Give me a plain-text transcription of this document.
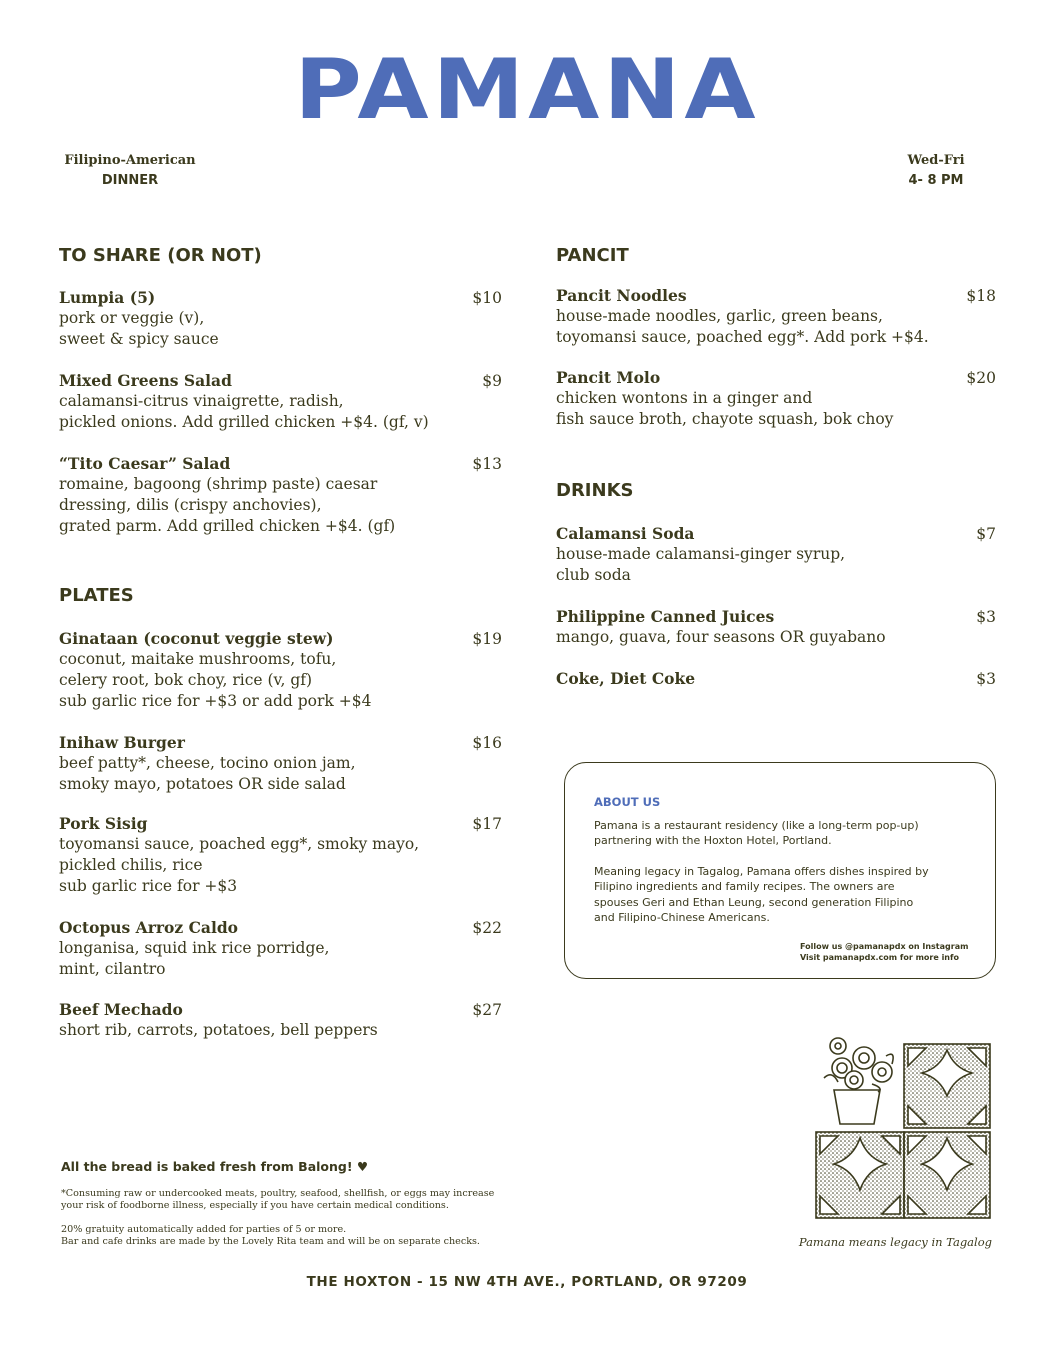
PAMANA
Filipino-American
DINNER
Wed-Fri
4- 8 PM
TO SHARE (OR NOT)
PLATES
PANCIT
DRINKS
Lumpia (5)	$10
pork or veggie (v),
sweet & spicy sauce
Mixed Greens Salad	$9
calamansi-citrus vinaigrette, radish,
pickled onions. Add grilled chicken +$4. (gf, v)
“Tito Caesar” Salad	$13
romaine, bagoong (shrimp paste) caesar
dressing, dilis (crispy anchovies),
grated parm. Add grilled chicken +$4. (gf)
Ginataan (coconut veggie stew)	$19
coconut, maitake mushrooms, tofu,
celery root, bok choy, rice (v, gf)
sub garlic rice for +$3 or add pork +$4
Inihaw Burger	$16
beef patty*, cheese, tocino onion jam,
smoky mayo, potatoes OR side salad
Pork Sisig	$17
toyomansi sauce, poached egg*, smoky mayo,
pickled chilis, rice
sub garlic rice for +$3
Octopus Arroz Caldo	$22
longanisa, squid ink rice porridge,
mint, cilantro
Beef Mechado	$27
short rib, carrots, potatoes, bell peppers
Pancit Noodles	$18
house-made noodles, garlic, green beans,
toyomansi sauce, poached egg*. Add pork +$4.
Pancit Molo	$20
chicken wontons in a ginger and
fish sauce broth, chayote squash, bok choy
Calamansi Soda	$7
house-made calamansi-ginger syrup,
club soda
Philippine Canned Juices	$3
mango, guava, four seasons OR guyabano
Coke, Diet Coke	$3
ABOUT US
Pamana is a restaurant residency (like a long-term pop-up)
partnering with the Hoxton Hotel, Portland.
Meaning legacy in Tagalog, Pamana offers dishes inspired by
Filipino ingredients and family recipes. The owners are
spouses Geri and Ethan Leung, second generation Filipino
and Filipino-Chinese Americans.
Follow us @pamanapdx on Instagram
Visit pamanapdx.com for more info
Pamana means legacy in Tagalog
All the bread is baked fresh from Balong! ♥
*Consuming raw or undercooked meats, poultry, seafood, shellfish, or eggs may increase
your risk of foodborne illness, especially if you have certain medical conditions.
20% gratuity automatically added for parties of 5 or more.
Bar and cafe drinks are made by the Lovely Rita team and will be on separate checks.
THE HOXTON - 15 NW 4TH AVE., PORTLAND, OR 97209
